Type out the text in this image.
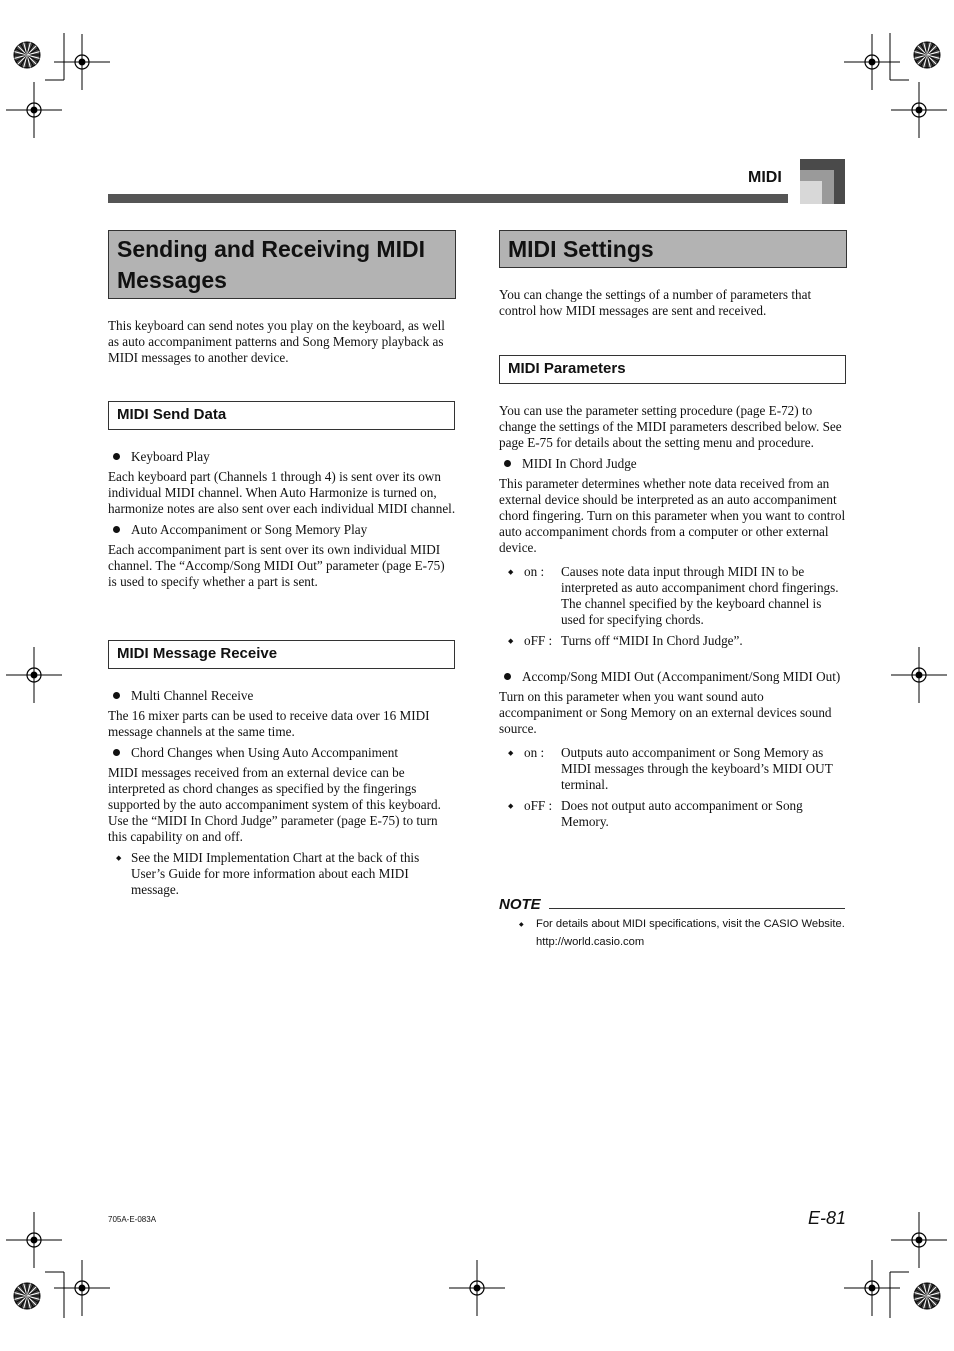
MIDI
Sending and Receiving MIDI Messages
This keyboard can send notes you play on the keyboard, as well as auto accompaniment patterns and Song Memory playback as MIDI messages to another device.
MIDI Send Data
Keyboard Play
Each keyboard part (Channels 1 through 4) is sent over its own individual MIDI channel. When Auto Harmonize is turned on, harmonize notes are also sent over each individual MIDI channel.
Auto Accompaniment or Song Memory Play
Each accompaniment part is sent over its own individual MIDI channel. The “Accomp/Song MIDI Out” parameter (page E-75) is used to specify whether a part is sent.
MIDI Message Receive
Multi Channel Receive
The 16 mixer parts can be used to receive data over 16 MIDI message channels at the same time.
Chord Changes when Using Auto Accompaniment
MIDI messages received from an external device can be interpreted as chord changes as specified by the fingerings supported by the auto accompaniment system of this keyboard. Use the “MIDI In Chord Judge” parameter (page E-75) to turn this capability on and off.
◆ See the MIDI Implementation Chart at the back of this User’s Guide for more information about each MIDI message.
MIDI Settings
You can change the settings of a number of parameters that control how MIDI messages are sent and received.
MIDI Parameters
You can use the parameter setting procedure (page E-72) to change the settings of the MIDI parameters described below. See page E-75 for details about the setting menu and procedure.
MIDI In Chord Judge
This parameter determines whether note data received from an external device should be interpreted as an auto accompaniment chord fingering. Turn on this parameter when you want to control auto accompaniment chords from a computer or other external device.
◆ on :	Causes note data input through MIDI IN to be interpreted as auto accompaniment chord fingerings. The channel specified by the keyboard channel is used for specifying chords.
◆ oFF : Turns off “MIDI In Chord Judge”.
Accomp/Song MIDI Out (Accompaniment/Song MIDI Out)
Turn on this parameter when you want sound auto accompaniment or Song Memory on an external devices sound source.
◆ on :	Outputs auto accompaniment or Song Memory as MIDI messages through the keyboard’s MIDI OUT terminal.
◆ oFF : Does not output auto accompaniment or Song Memory.
NOTE
◆ For details about MIDI specifications, visit the CASIO Website.
http://world.casio.com
705A-E-083A	E-81
